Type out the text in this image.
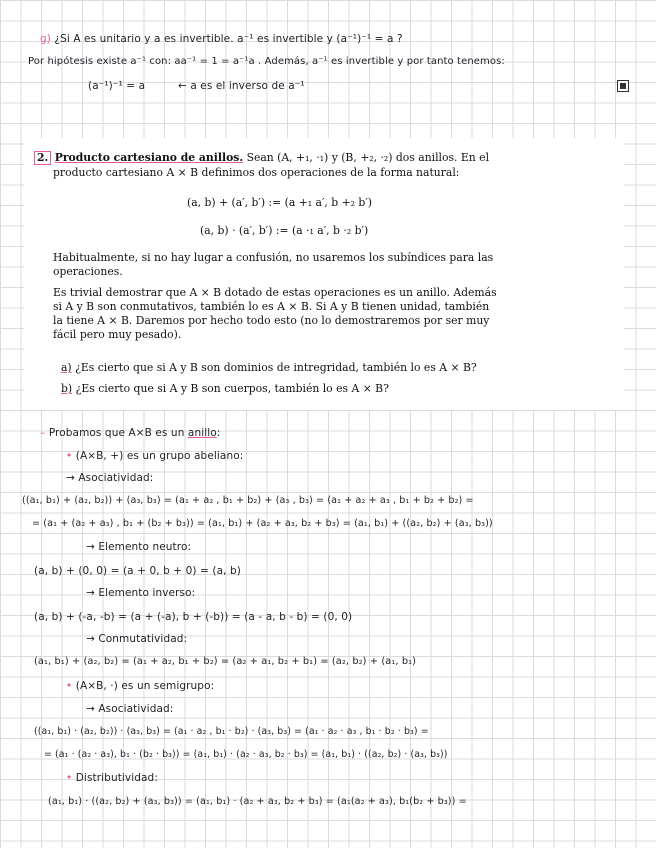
g) ¿Si A es unitario y a es invertible. a⁻¹ es invertible y (a⁻¹)⁻¹ = a ?
Por hipótesis existe a⁻¹ con: aa⁻¹ = 1 = a⁻¹a . Además, a⁻¹ es invertible y por tanto tenemos:
(a⁻¹)⁻¹ = a	← a es el inverso de a⁻¹
2. Producto cartesiano de anillos. Sean (A, +₁, ·₁) y (B, +₂, ·₂) dos anillos. En el
producto cartesiano A × B definimos dos operaciones de la forma natural:
(a, b) + (a′, b′) := (a +₁ a′, b +₂ b′)
(a, b) · (a′, b′) := (a ·₁ a′, b ·₂ b′)
Habitualmente, si no hay lugar a confusión, no usaremos los subíndices para las
operaciones.
Es trivial demostrar que A × B dotado de estas operaciones es un anillo. Además
si A y B son conmutativos, también lo es A × B. Si A y B tienen unidad, también
la tiene A × B. Daremos por hecho todo esto (no lo demostraremos por ser muy
fácil pero muy pesado).
a) ¿Es cierto que si A y B son dominios de intregridad, también lo es A × B?
b) ¿Es cierto que si A y B son cuerpos, también lo es A × B?
– Probamos que A×B es un anillo:
• (A×B, +) es un grupo abeliano:
→ Asociatividad:
((a₁, b₁) + (a₂, b₂)) + (a₃, b₃) = (a₁ + a₂ , b₁ + b₂) + (a₃ , b₃) = (a₁ + a₂ + a₃ , b₁ + b₂ + b₂) =
= (a₁ + (a₂ + a₃) , b₁ + (b₂ + b₃)) = (a₁, b₁) + (a₂ + a₃, b₂ + b₃) = (a₁, b₁) + ((a₂, b₂) + (a₃, b₃))
→ Elemento neutro:
(a, b) + (0, 0) = (a + 0, b + 0) = (a, b)
→ Elemento inverso:
(a, b) + (-a, -b) = (a + (-a), b + (-b)) = (a - a, b - b) = (0, 0)
→ Conmutatividad:
(a₁, b₁) + (a₂, b₂) = (a₁ + a₂, b₁ + b₂) = (a₂ + a₁, b₂ + b₁) = (a₂, b₂) + (a₁, b₁)
• (A×B, ·) es un semigrupo:
→ Asociatividad:
((a₁, b₁) · (a₂, b₂)) · (a₃, b₃) = (a₁ · a₂ , b₁ · b₂) · (a₃, b₃) = (a₁ · a₂ · a₃ , b₁ · b₂ · b₃) =
= (a₁ · (a₂ · a₃), b₁ · (b₂ · b₃)) = (a₁, b₁) · (a₂ · a₃, b₂ · b₃) = (a₁, b₁) · ((a₂, b₂) · (a₃, b₃))
• Distributividad:
(a₁, b₁) · ((a₂, b₂) + (a₃, b₃)) = (a₁, b₁) · (a₂ + a₃, b₂ + b₃) = (a₁(a₂ + a₃), b₁(b₂ + b₃)) =
